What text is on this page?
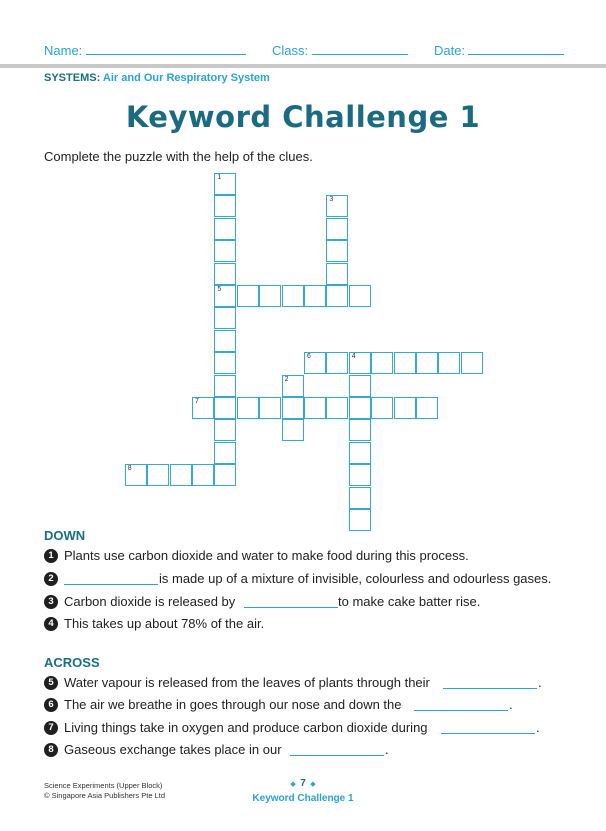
Name:	Class:	Date:
SYSTEMS: Air and Our Respiratory System
Keyword Challenge 1
Complete the puzzle with the help of the clues.
1
5
2
3
4
6
7
8
DOWN
1 Plants use carbon dioxide and water to make food during this process.
2	is made up of a mixture of invisible, colourless and odourless gases.
3 Carbon dioxide is released by	to make cake batter rise.
4 This takes up about 78% of the air.
ACROSS
5 Water vapour is released from the leaves of plants through their	.
6 The air we breathe in goes through our nose and down the	.
7 Living things take in oxygen and produce carbon dioxide during	.
8 Gaseous exchange takes place in our	.
Science Experiments (Upper Block)
© Singapore Asia Publishers Pte Ltd
◆ 7 ◆
Keyword Challenge 1
